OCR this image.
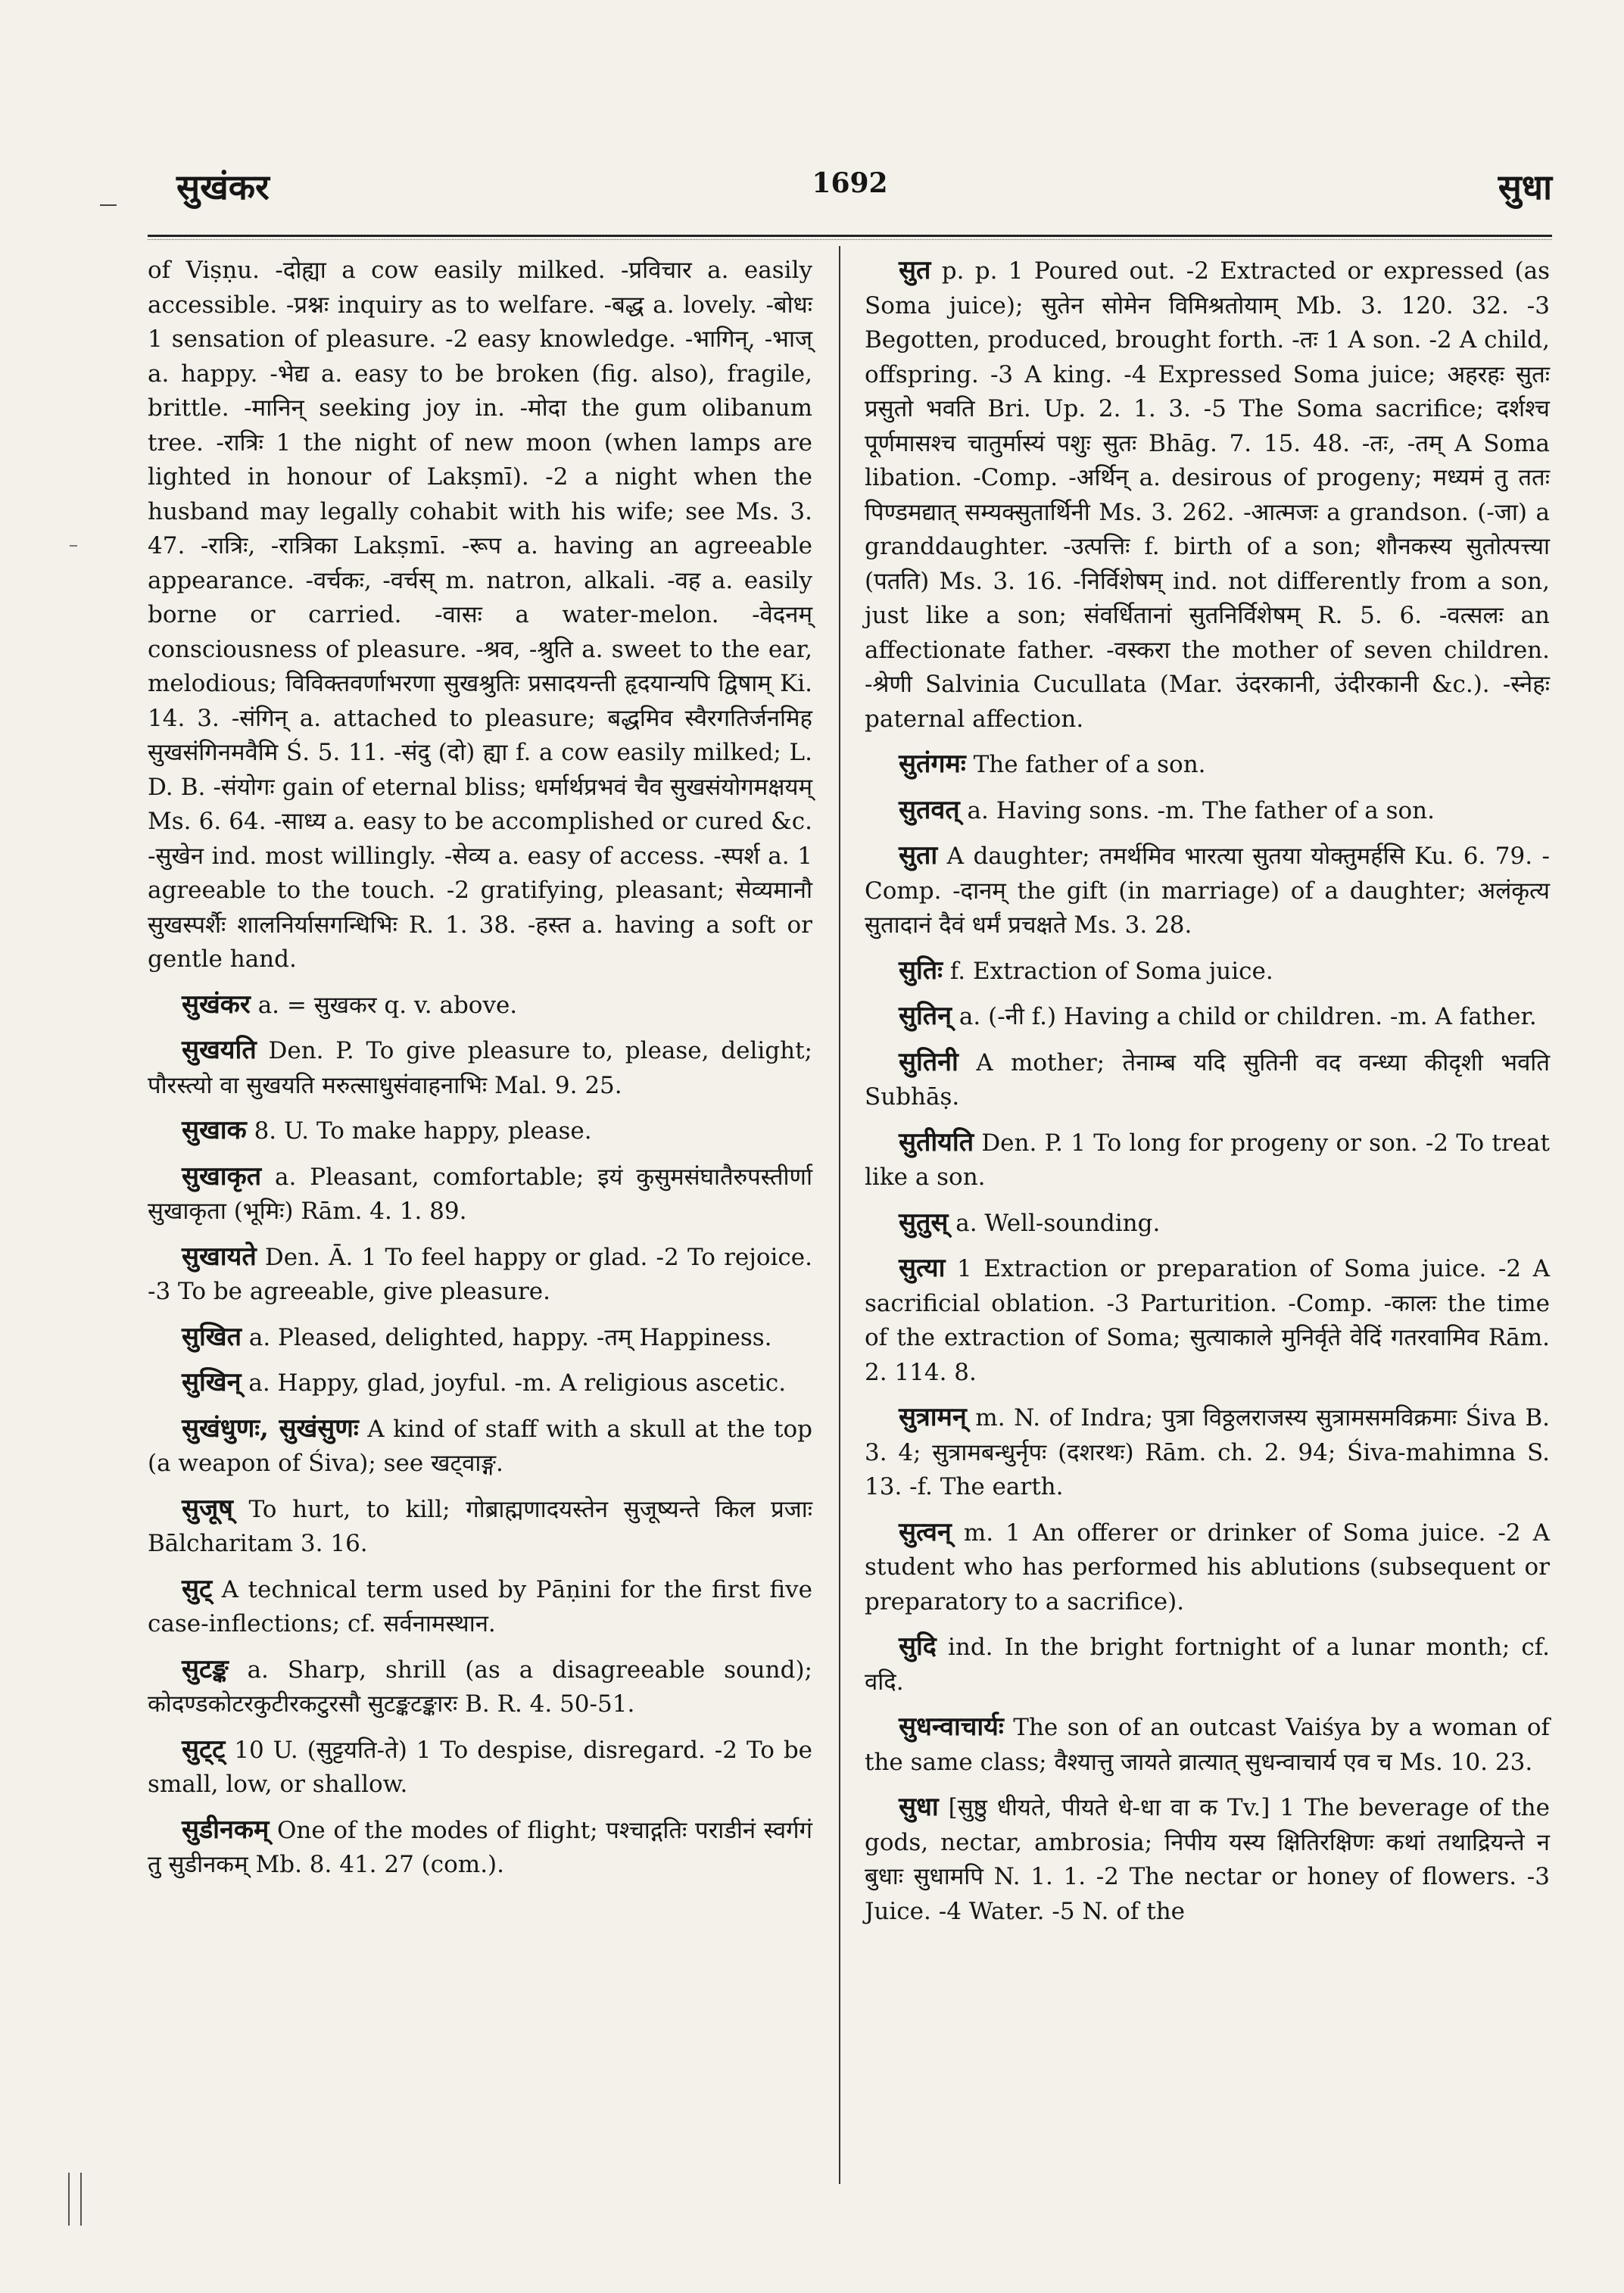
सुखंकर	1692	सुधा

of Viṣṇu. -दोह्या a cow easily milked. -प्रविचार a. easily accessible. -प्रश्नः inquiry as to welfare. -बद्ध a. lovely. -बोधः 1 sensation of pleasure. -2 easy knowledge. -भागिन्, -भाज् a. happy. -भेद्य a. easy to be broken (fig. also), fragile, brittle. -मानिन् seeking joy in. -मोदा the gum olibanum tree. -रात्रिः 1 the night of new moon (when lamps are lighted in honour of Lakṣmī). -2 a night when the husband may legally cohabit with his wife; see Ms. 3. 47. -रात्रिः, -रात्रिका Lakṣmī. -रूप a. having an agreeable appearance. -वर्चकः, -वर्चस् m. natron, alkali. -वह a. easily borne or carried. -वासः a water-melon. -वेदनम् consciousness of pleasure. -श्रव, -श्रुति a. sweet to the ear, melodious; विविक्तवर्णाभरणा सुखश्रुतिः प्रसादयन्ती हृदयान्यपि द्विषाम् Ki. 14. 3. -संगिन् a. attached to pleasure; बद्धमिव स्वैरगतिर्जनमिह सुखसंगिनमवैमि Ś. 5. 11. -संदु (दो) ह्या f. a cow easily milked; L. D. B. -संयोगः gain of eternal bliss; धर्मार्थप्रभवं चैव सुखसंयोगमक्षयम् Ms. 6. 64. -साध्य a. easy to be accomplished or cured &c. -सुखेन ind. most willingly. -सेव्य a. easy of access. -स्पर्श a. 1 agreeable to the touch. -2 gratifying, pleasant; सेव्यमानौ सुखस्पर्शैः शालनिर्यासगन्धिभिः R. 1. 38. -हस्त a. having a soft or gentle hand.

सुखंकर a. = सुखकर q. v. above.

सुखयति Den. P. To give pleasure to, please, delight; पौरस्त्यो वा सुखयति मरुत्साधुसंवाहनाभिः Mal. 9. 25.

सुखाक 8. U. To make happy, please.

सुखाकृत a. Pleasant, comfortable; इयं कुसुमसंघातैरुपस्तीर्णा सुखाकृता (भूमिः) Rām. 4. 1. 89.

सुखायते Den. Ā. 1 To feel happy or glad. -2 To rejoice. -3 To be agreeable, give pleasure.

सुखित a. Pleased, delighted, happy. -तम् Happiness.

सुखिन् a. Happy, glad, joyful. -m. A religious ascetic.

सुखंधुणः, सुखंसुणः A kind of staff with a skull at the top (a weapon of Śiva); see खट्वाङ्ग.

सुजूष् To hurt, to kill; गोब्राह्मणादयस्तेन सुजूष्यन्ते किल प्रजाः Bālcharitam 3. 16.

सुट् A technical term used by Pāṇini for the first five case-inflections; cf. सर्वनामस्थान.

सुटङ्क a. Sharp, shrill (as a disagreeable sound); कोदण्डकोटरकुटीरकटुरसौ सुटङ्कटङ्कारः B. R. 4. 50-51.

सुट्ट् 10 U. (सुट्टयति-ते) 1 To despise, disregard. -2 To be small, low, or shallow.

सुडीनकम् One of the modes of flight; पश्चाद्गतिः पराडीनं स्वर्गगं तु सुडीनकम् Mb. 8. 41. 27 (com.).

सुत p. p. 1 Poured out. -2 Extracted or expressed (as Soma juice); सुतेन सोमेन विमिश्रतोयाम् Mb. 3. 120. 32. -3 Begotten, produced, brought forth. -तः 1 A son. -2 A child, offspring. -3 A king. -4 Expressed Soma juice; अहरहः सुतः प्रसुतो भवति Bri. Up. 2. 1. 3. -5 The Soma sacrifice; दर्शश्च पूर्णमासश्च चातुर्मास्यं पशुः सुतः Bhāg. 7. 15. 48. -तः, -तम् A Soma libation. -Comp. -अर्थिन् a. desirous of progeny; मध्यमं तु ततः पिण्डमद्यात् सम्यक्सुतार्थिनी Ms. 3. 262. -आत्मजः a grandson. (-जा) a granddaughter. -उत्पत्तिः f. birth of a son; शौनकस्य सुतोत्पत्त्या (पतति) Ms. 3. 16. -निर्विशेषम् ind. not differently from a son, just like a son; संवर्धितानां सुतनिर्विशेषम् R. 5. 6. -वत्सलः an affectionate father. -वस्करा the mother of seven children. -श्रेणी Salvinia Cucullata (Mar. उंदरकानी, उंदीरकानी &c.). -स्नेहः paternal affection.

सुतंगमः The father of a son.

सुतवत् a. Having sons. -m. The father of a son.

सुता A daughter; तमर्थमिव भारत्या सुतया योक्तुमर्हसि Ku. 6. 79. -Comp. -दानम् the gift (in marriage) of a daughter; अलंकृत्य सुतादानं दैवं धर्मं प्रचक्षते Ms. 3. 28.

सुतिः f. Extraction of Soma juice.

सुतिन् a. (-नी f.) Having a child or children. -m. A father.

सुतिनी A mother; तेनाम्ब यदि सुतिनी वद वन्ध्या कीदृशी भवति Subhāṣ.

सुतीयति Den. P. 1 To long for progeny or son. -2 To treat like a son.

सुतुस् a. Well-sounding.

सुत्या 1 Extraction or preparation of Soma juice. -2 A sacrificial oblation. -3 Parturition. -Comp. -कालः the time of the extraction of Soma; सुत्याकाले मुनिर्वृते वेदिं गतरवामिव Rām. 2. 114. 8.

सुत्रामन् m. N. of Indra; पुत्रा विठ्ठलराजस्य सुत्रामसमविक्रमाः Śiva B. 3. 4; सुत्रामबन्धुर्नृपः (दशरथः) Rām. ch. 2. 94; Śiva-mahimna S. 13. -f. The earth.

सुत्वन् m. 1 An offerer or drinker of Soma juice. -2 A student who has performed his ablutions (subsequent or preparatory to a sacrifice).

सुदि ind. In the bright fortnight of a lunar month; cf. वदि.

सुधन्वाचार्यः The son of an outcast Vaiśya by a woman of the same class; वैश्यात्तु जायते व्रात्यात् सुधन्वाचार्य एव च Ms. 10. 23.

सुधा [सुष्ठु धीयते, पीयते धे-धा वा क Tv.] 1 The beverage of the gods, nectar, ambrosia; निपीय यस्य क्षितिरक्षिणः कथां तथाद्रियन्ते न बुधाः सुधामपि N. 1. 1. -2 The nectar or honey of flowers. -3 Juice. -4 Water. -5 N. of the
